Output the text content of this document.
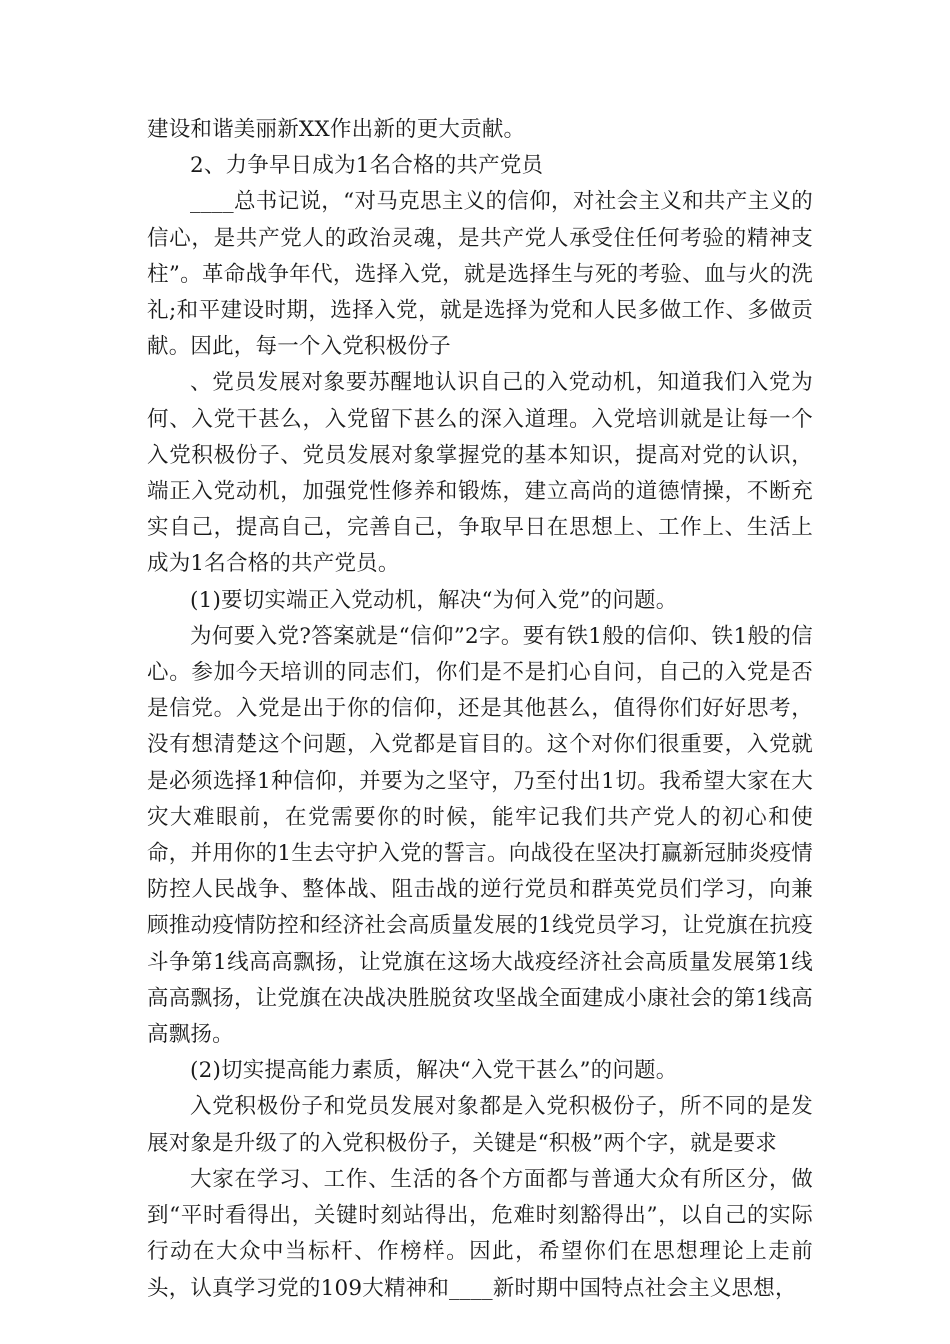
建设和谐美丽新XX作出新的更大贡献。

2、力争早日成为1名合格的共产党员

____总书记说，“对马克思主义的信仰，对社会主义和共产主义的信心，是共产党人的政治灵魂，是共产党人承受住任何考验的精神支柱”。革命战争年代，选择入党，就是选择生与死的考验、血与火的洗礼;和平建设时期，选择入党，就是选择为党和人民多做工作、多做贡献。因此，每一个入党积极份子

、党员发展对象要苏醒地认识自己的入党动机，知道我们入党为何、入党干甚么，入党留下甚么的深入道理。入党培训就是让每一个入党积极份子、党员发展对象掌握党的基本知识，提高对党的认识，端正入党动机，加强党性修养和锻炼，建立高尚的道德情操，不断充实自己，提高自己，完善自己，争取早日在思想上、工作上、生活上成为1名合格的共产党员。

(1)要切实端正入党动机，解决“为何入党”的问题。

为何要入党?答案就是“信仰”2字。要有铁1般的信仰、铁1般的信心。参加今天培训的同志们，你们是不是扪心自问，自己的入党是否是信党。入党是出于你的信仰，还是其他甚么，值得你们好好思考，没有想清楚这个问题，入党都是盲目的。这个对你们很重要，入党就是必须选择1种信仰，并要为之坚守，乃至付出1切。我希望大家在大灾大难眼前，在党需要你的时候，能牢记我们共产党人的初心和使命，并用你的1生去守护入党的誓言。向战役在坚决打赢新冠肺炎疫情防控人民战争、整体战、阻击战的逆行党员和群英党员们学习，向兼顾推动疫情防控和经济社会高质量发展的1线党员学习，让党旗在抗疫斗争第1线高高飘扬，让党旗在这场大战疫经济社会高质量发展第1线高高飘扬，让党旗在决战决胜脱贫攻坚战全面建成小康社会的第1线高高飘扬。

(2)切实提高能力素质，解决“入党干甚么”的问题。

入党积极份子和党员发展对象都是入党积极份子，所不同的是发展对象是升级了的入党积极份子，关键是“积极”两个字，就是要求

大家在学习、工作、生活的各个方面都与普通大众有所区分，做到“平时看得出，关键时刻站得出，危难时刻豁得出”，以自己的实际行动在大众中当标杆、作榜样。因此，希望你们在思想理论上走前头，认真学习党的109大精神和____新时期中国特点社会主义思想，
